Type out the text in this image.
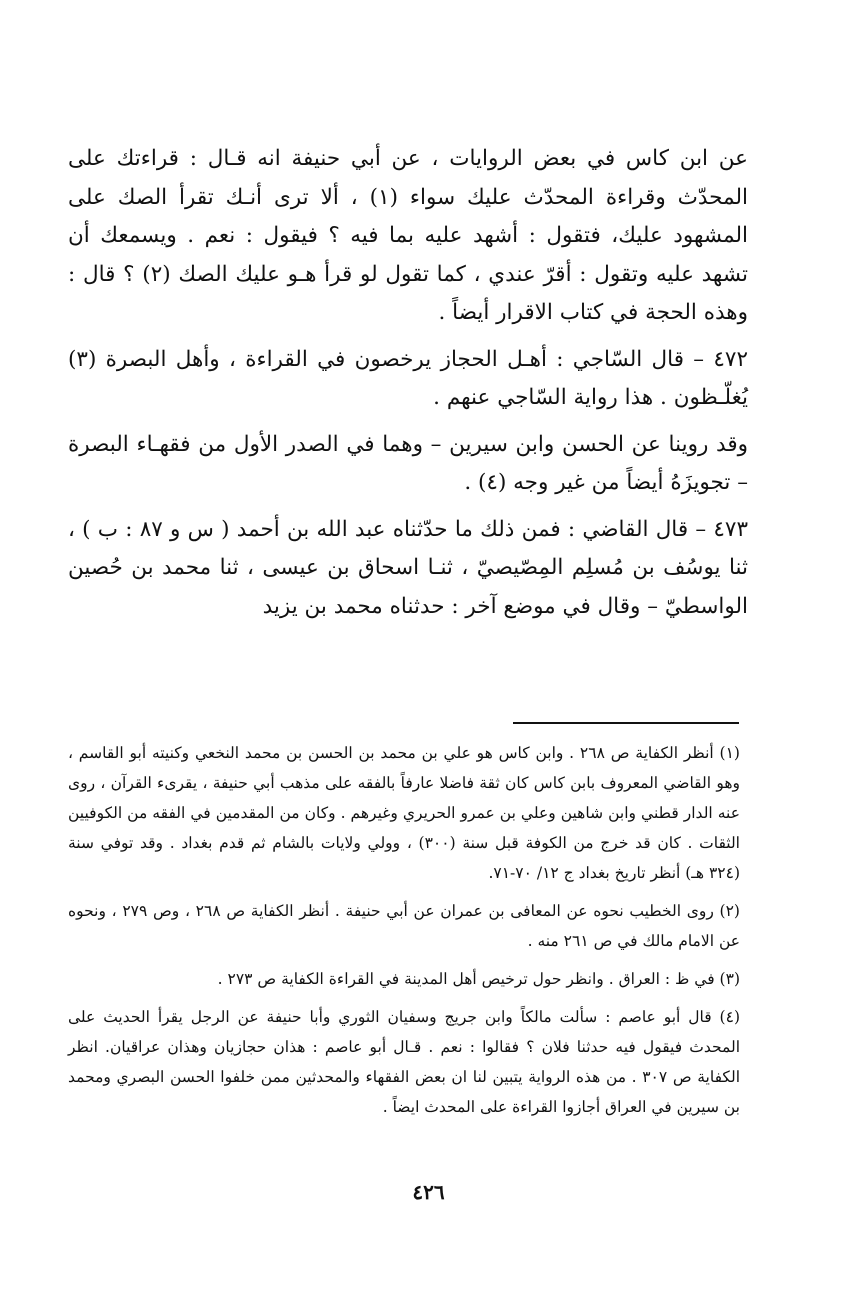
عن ابن كاس في بعض الروايات ، عن أبي حنيفة انه قـال : قراءتك على المحدّث وقراءة المحدّث عليك سواء (١) ، ألا ترى أنـك تقرأ الصك على المشهود عليك، فتقول : أشهد عليه بما فيه ؟ فيقول : نعم . ويسمعك أن تشهد عليه وتقول : أقرّ عندي ، كما تقول لو قرأ هـو عليك الصك (٢) ؟ قال : وهذه الحجة في كتاب الاقرار أيضاً .

٤٧٢ – قال السّاجي : أهـل الحجاز يرخصون في القراءة ، وأهل البصرة (٣) يُغلّـظون . هذا رواية السّاجي عنهم .

وقد روينا عن الحسن وابن سيرين – وهما في الصدر الأول من فقهـاء البصرة – تجويزَهُ أيضاً من غير وجه (٤) .

٤٧٣ – قال القاضي : فمن ذلك ما حدّثناه عبد الله بن أحمد ( س و ٨٧ : ب ) ، ثنا يوسُف بن مُسلِم المِصّيصيّ ، ثنـا اسحاق بن عيسى ، ثنا محمد بن حُصين الواسطيّ – وقال في موضع آخر : حدثناه محمد بن يزيد

(١) أنظر الكفاية ص ٢٦٨ . وابن كاس هو علي بن محمد بن الحسن بن محمد النخعي وكنيته أبو القاسم ، وهو القاضي المعروف بابن كاس كان ثقة فاضلا عارفاً بالفقه على مذهب أبي حنيفة ، يقرىء القرآن ، روى عنه الدار قطني وابن شاهين وعلي بن عمرو الحريري وغيرهم . وكان من المقدمين في الفقه من الكوفيين الثقات . كان قد خرج من الكوفة قبل سنة (٣٠٠) ، وولي ولايات بالشام ثم قدم بغداد . وقد توفي سنة (٣٢٤ هـ) أنظر تاريخ بغداد ج ١٢/ ٧٠-٧١.

(٢) روى الخطيب نحوه عن المعافى بن عمران عن أبي حنيفة . أنظر الكفاية ص ٢٦٨ ، وص ٢٧٩ ، ونحوه عن الامام مالك في ص ٢٦١ منه .

(٣) في ظ : العراق . وانظر حول ترخيص أهل المدينة في القراءة الكفاية ص ٢٧٣ .

(٤) قال أبو عاصم : سألت مالكاً وابن جريج وسفيان الثوري وأبا حنيفة عن الرجل يقرأ الحديث على المحدث فيقول فيه حدثنا فلان ؟ فقالوا : نعم . قـال أبو عاصم : هذان حجازيان وهذان عراقيان. انظر الكفاية ص ٣٠٧ . من هذه الرواية يتبين لنا ان بعض الفقهاء والمحدثين ممن خلفوا الحسن البصري ومحمد بن سيرين في العراق أجازوا القراءة على المحدث ايضاً .

٤٢٦
